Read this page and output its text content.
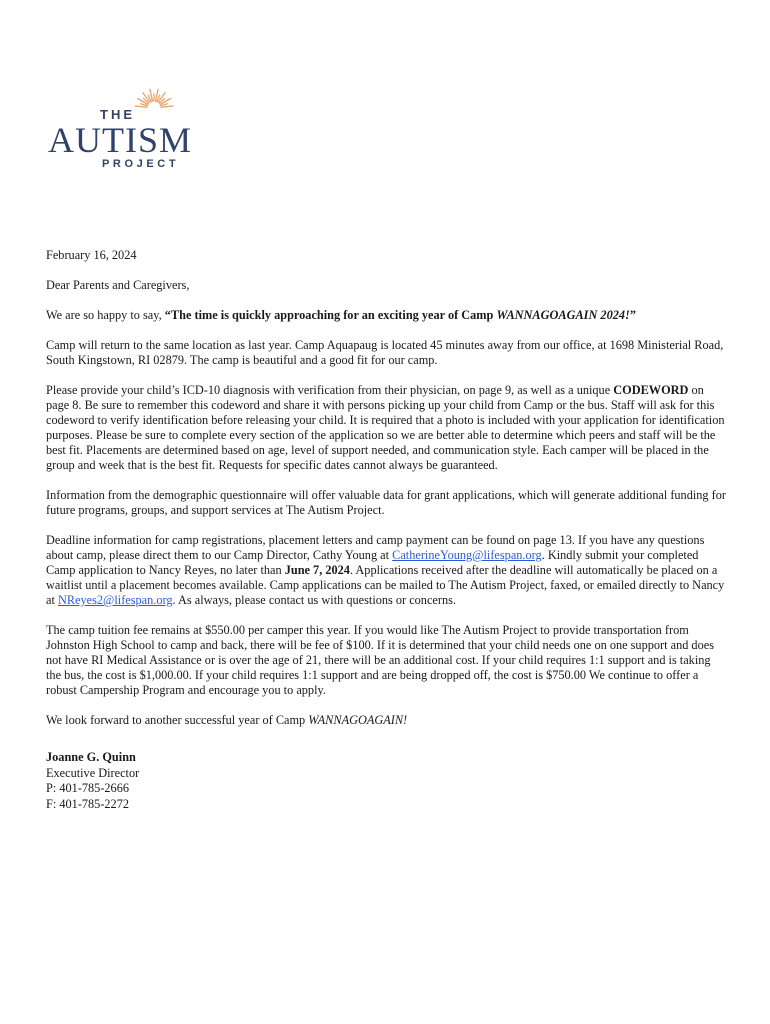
THE
AUTISM
PROJECT

February 16, 2024

Dear Parents and Caregivers,

We are so happy to say, “The time is quickly approaching for an exciting year of Camp WANNAGOAGAIN 2024!”

Camp will return to the same location as last year. Camp Aquapaug is located 45 minutes away from our office, at 1698 Ministerial Road, South Kingstown, RI 02879. The camp is beautiful and a good fit for our camp.

Please provide your child’s ICD-10 diagnosis with verification from their physician, on page 9, as well as a unique CODEWORD on page 8. Be sure to remember this codeword and share it with persons picking up your child from Camp or the bus. Staff will ask for this codeword to verify identification before releasing your child. It is required that a photo is included with your application for identification purposes. Please be sure to complete every section of the application so we are better able to determine which peers and staff will be the best fit. Placements are determined based on age, level of support needed, and communication style. Each camper will be placed in the group and week that is the best fit. Requests for specific dates cannot always be guaranteed.

Information from the demographic questionnaire will offer valuable data for grant applications, which will generate additional funding for future programs, groups, and support services at The Autism Project.

Deadline information for camp registrations, placement letters and camp payment can be found on page 13. If you have any questions about camp, please direct them to our Camp Director, Cathy Young at CatherineYoung@lifespan.org. Kindly submit your completed Camp application to Nancy Reyes, no later than June 7, 2024. Applications received after the deadline will automatically be placed on a waitlist until a placement becomes available. Camp applications can be mailed to The Autism Project, faxed, or emailed directly to Nancy at NReyes2@lifespan.org. As always, please contact us with questions or concerns.

The camp tuition fee remains at $550.00 per camper this year. If you would like The Autism Project to provide transportation from Johnston High School to camp and back, there will be fee of $100. If it is determined that your child needs one on one support and does not have RI Medical Assistance or is over the age of 21, there will be an additional cost. If your child requires 1:1 support and is taking the bus, the cost is $1,000.00. If your child requires 1:1 support and are being dropped off, the cost is $750.00 We continue to offer a robust Campership Program and encourage you to apply.

We look forward to another successful year of Camp WANNAGOAGAIN!

Joanne G. Quinn
Executive Director
P: 401-785-2666
F: 401-785-2272
